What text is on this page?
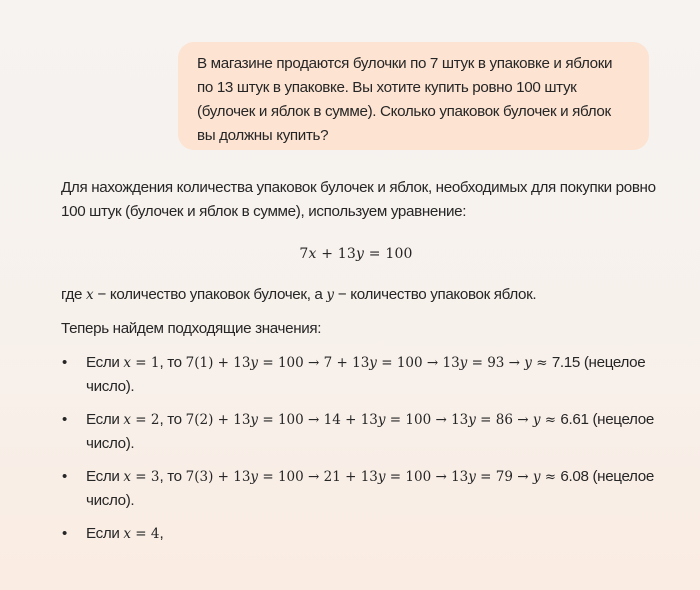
В магазине продаются булочки по 7 штук в упаковке и яблоки по 13 штук в упаковке. Вы хотите купить ровно 100 штук (булочек и яблок в сумме). Сколько упаковок булочек и яблок вы должны купить?

Для нахождения количества упаковок булочек и яблок, необходимых для покупки ровно 100 штук (булочек и яблок в сумме), используем уравнение:

7x + 13y = 100

где x − количество упаковок булочек, а y − количество упаковок яблок.

Теперь найдем подходящие значения:

•	Если x = 1, то 7(1) + 13y = 100 → 7 + 13y = 100 → 13y = 93 → y ≈ 7.15 (нецелое число).
•	Если x = 2, то 7(2) + 13y = 100 → 14 + 13y = 100 → 13y = 86 → y ≈ 6.61 (нецелое число).
•	Если x = 3, то 7(3) + 13y = 100 → 21 + 13y = 100 → 13y = 79 → y ≈ 6.08 (нецелое число).
•	Если x = 4,
